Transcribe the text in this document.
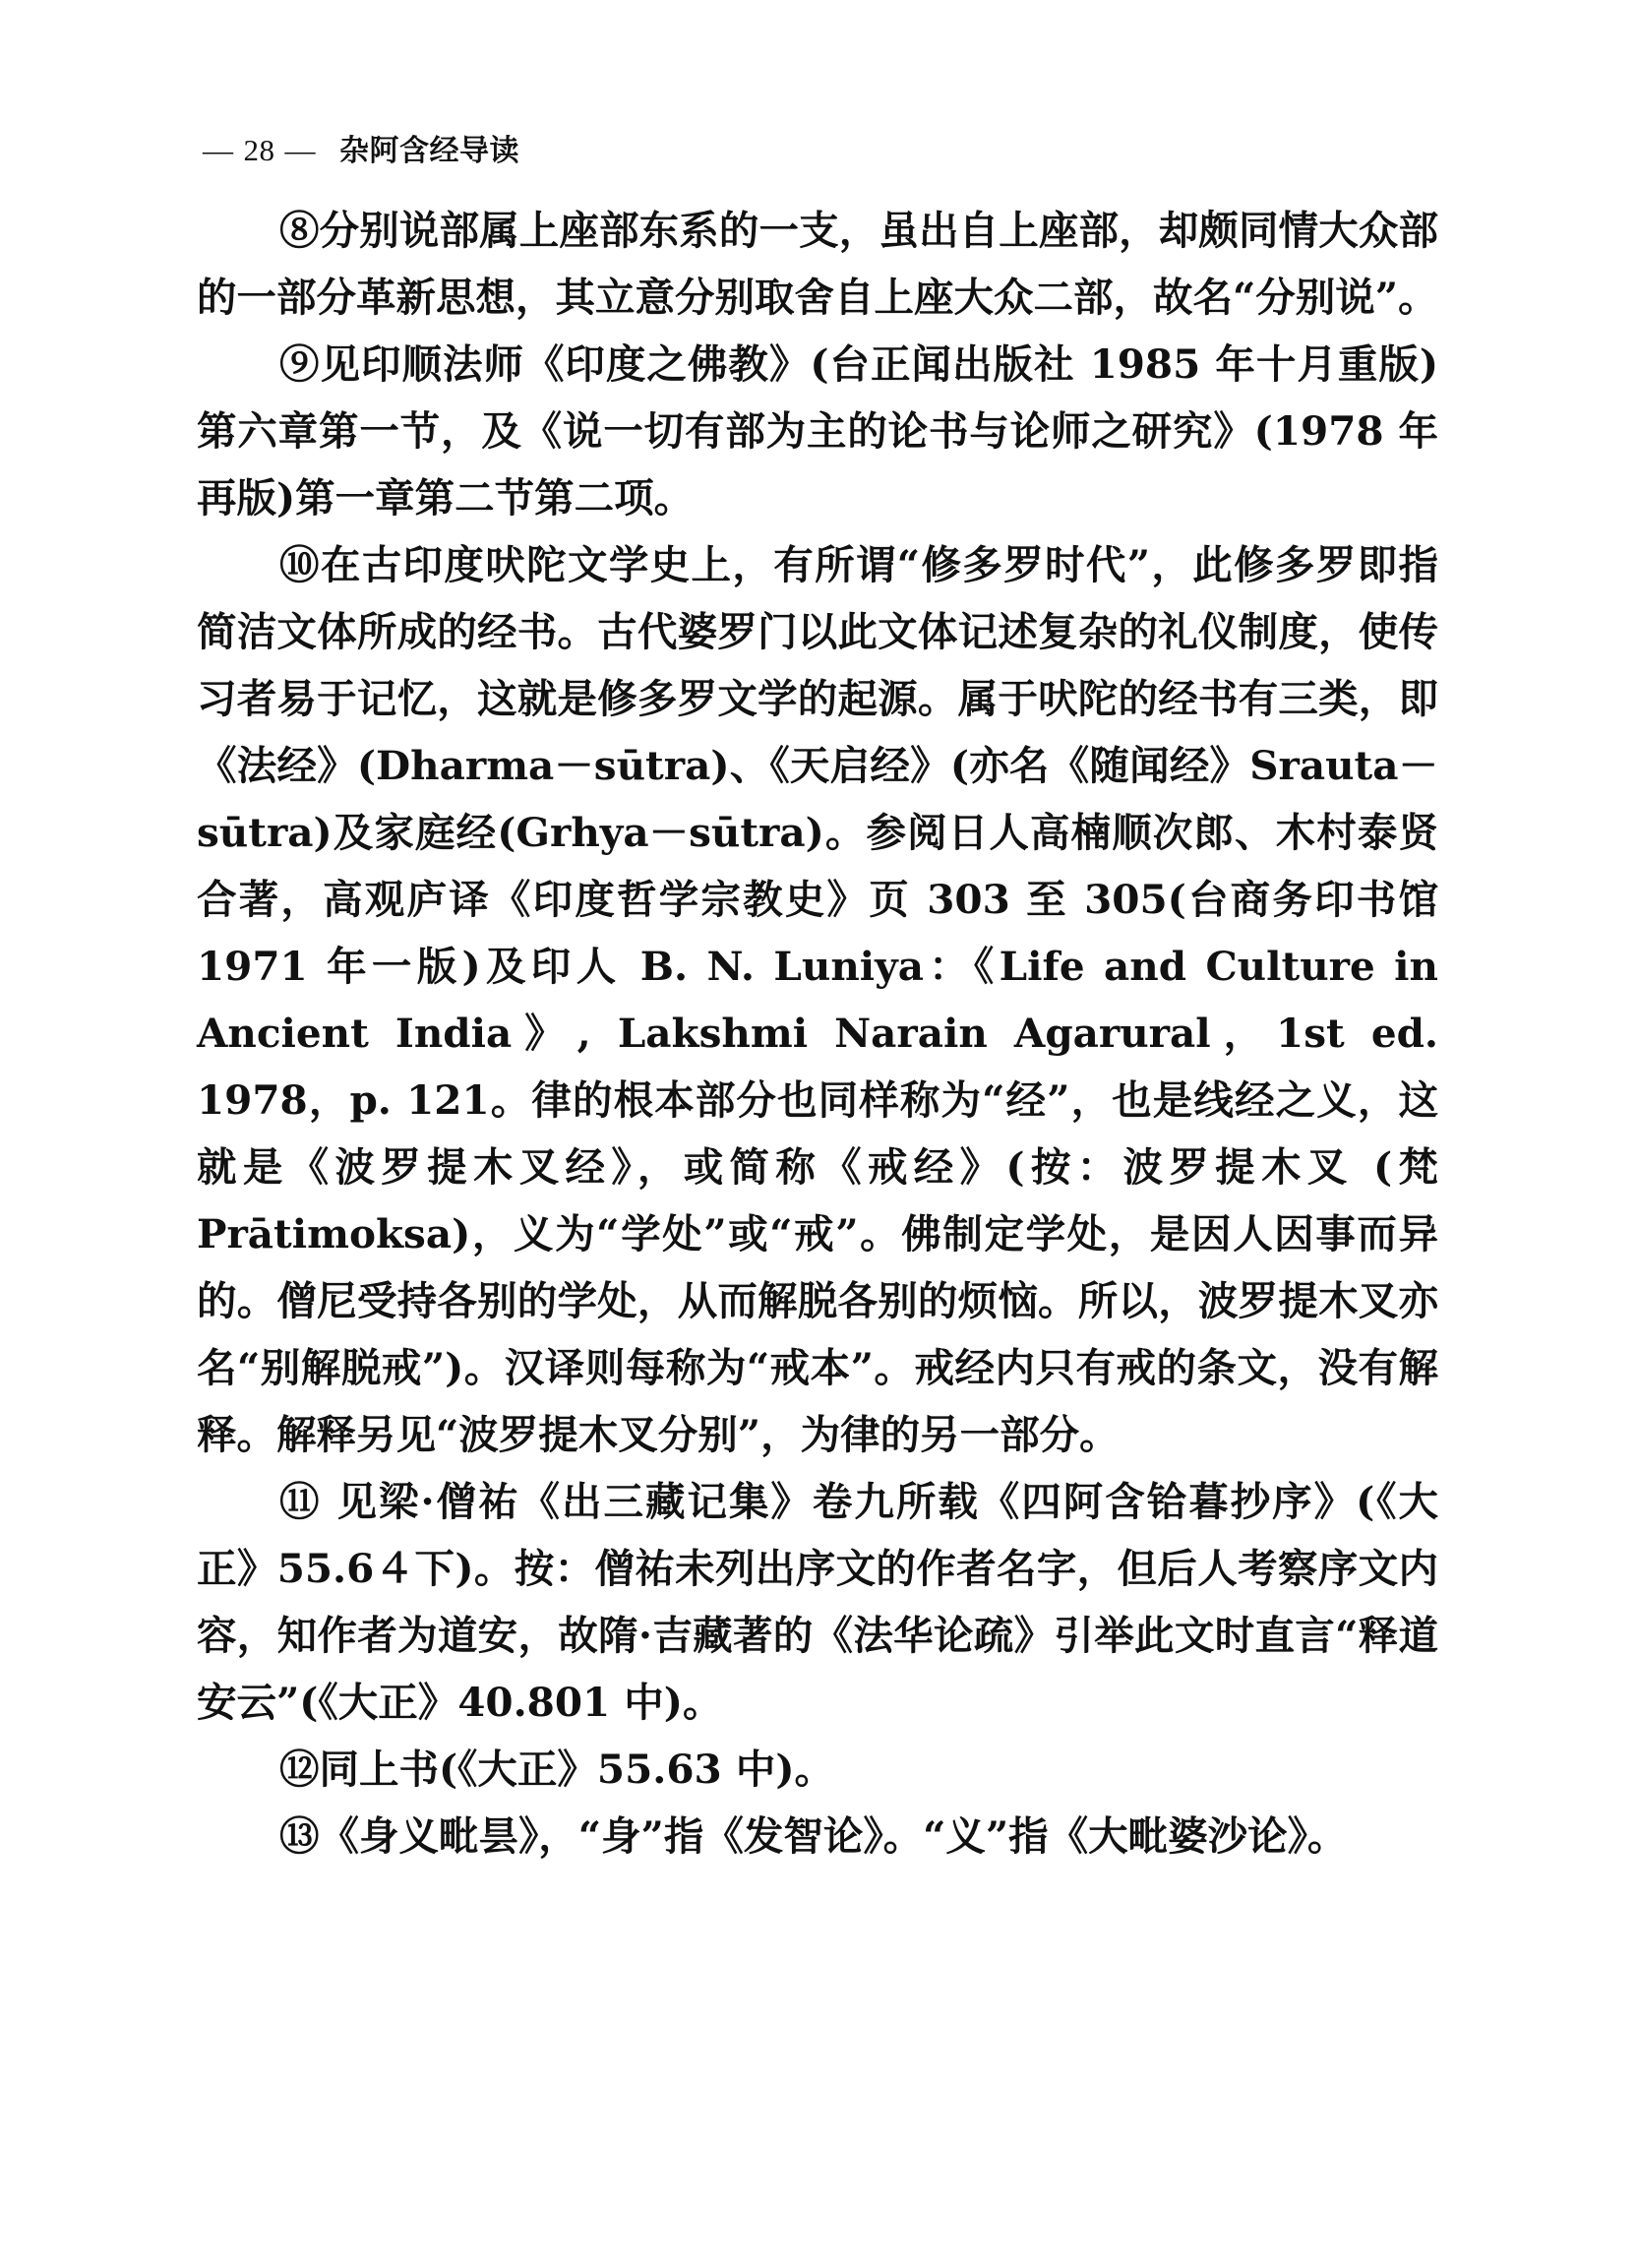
— 28 — 杂阿含经导读

⑧分别说部属上座部东系的一支，虽出自上座部，却颇同情大众部的一部分革新思想，其立意分别取舍自上座大众二部，故名“分别说”。

⑨见印顺法师《印度之佛教》(台正闻出版社 1985 年十月重版)第六章第一节，及《说一切有部为主的论书与论师之研究》(1978 年再版)第一章第二节第二项。

⑩在古印度吠陀文学史上，有所谓“修多罗时代”，此修多罗即指简洁文体所成的经书。古代婆罗门以此文体记述复杂的礼仪制度，使传习者易于记忆，这就是修多罗文学的起源。属于吠陀的经书有三类，即《法经》(Dharma－sūtra)、《天启经》(亦名《随闻经》Srauta－sūtra)及家庭经(Grhya－sūtra)。参阅日人高楠顺次郎、木村泰贤合著，高观庐译《印度哲学宗教史》页 303 至 305(台商务印书馆 1971 年一版)及印人 B. N. Luniya：《Life and Culture in Ancient India》, Lakshmi Narain Agarural，1st ed. 1978，p. 121。律的根本部分也同样称为“经”，也是线经之义，这就是《波罗提木叉经》，或简称《戒经》(按：波罗提木叉 (梵 Prātimoksa)，义为“学处”或“戒”。佛制定学处，是因人因事而异的。僧尼受持各别的学处，从而解脱各别的烦恼。所以，波罗提木叉亦名“别解脱戒”)。汉译则每称为“戒本”。戒经内只有戒的条文，没有解释。解释另见“波罗提木叉分别”，为律的另一部分。

⑪ 见梁·僧祐《出三藏记集》卷九所载《四阿含铪暮抄序》(《大正》55.6４下)。按：僧祐未列出序文的作者名字，但后人考察序文内容，知作者为道安，故隋·吉藏著的《法华论疏》引举此文时直言“释道安云”(《大正》40.801 中)。

⑫同上书(《大正》55.63 中)。

⑬《身义毗昙》，“身”指《发智论》。“义”指《大毗婆沙论》。
